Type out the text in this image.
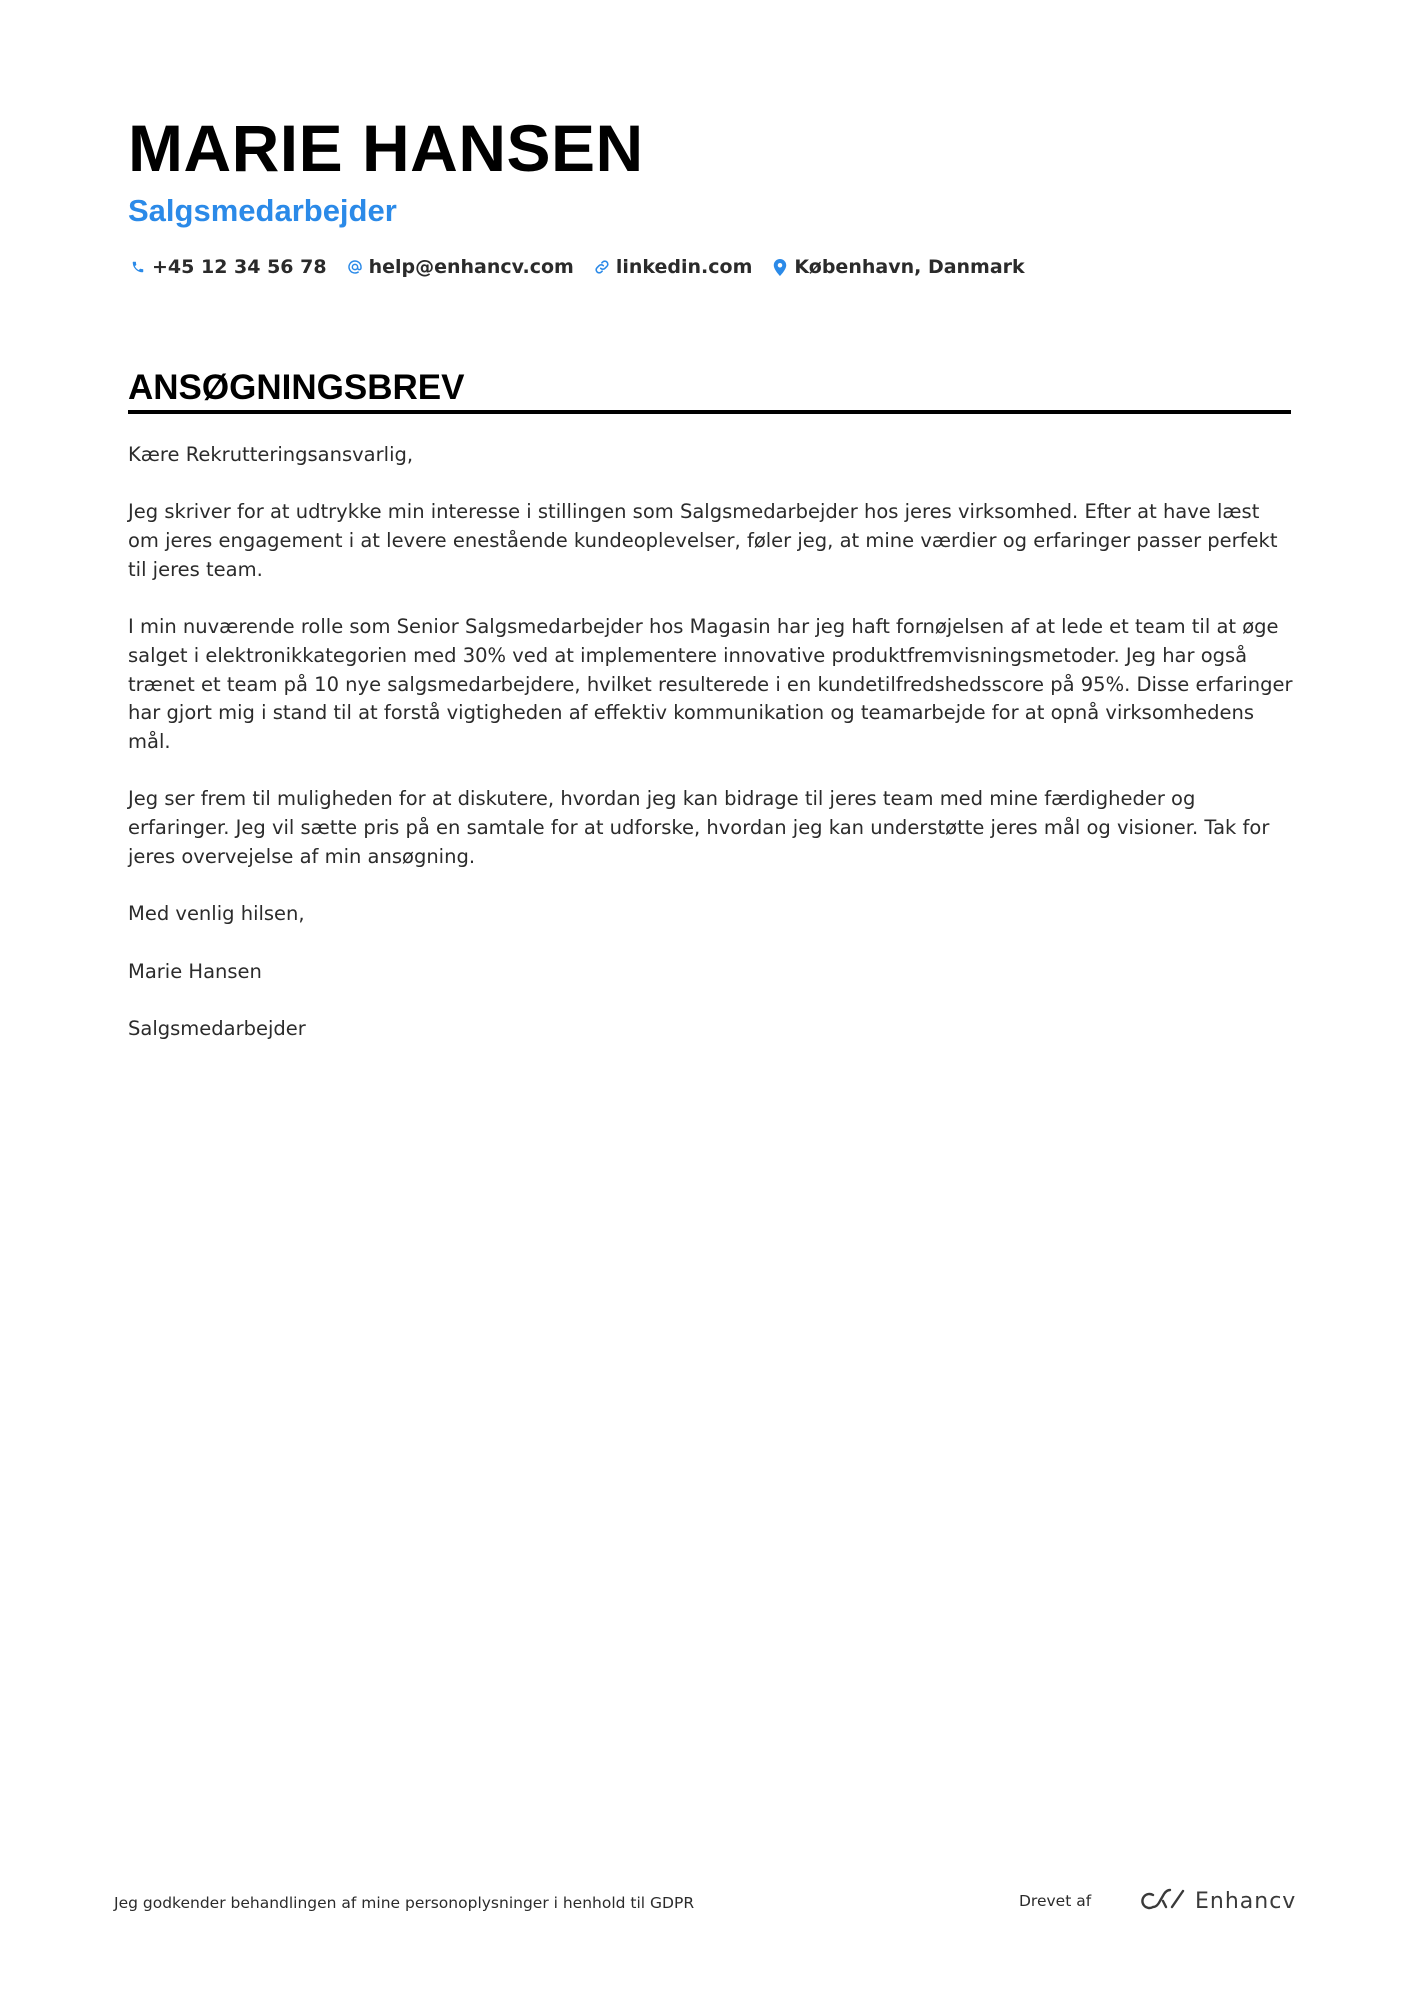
MARIE HANSEN
Salgsmedarbejder
+45 12 34 56 78 help@enhancv.com linkedin.com København, Danmark
ANSØGNINGSBREV

Kære Rekrutteringsansvarlig,

Jeg skriver for at udtrykke min interesse i stillingen som Salgsmedarbejder hos jeres virksomhed. Efter at have læst om jeres engagement i at levere enestående kundeoplevelser, føler jeg, at mine værdier og erfaringer passer perfekt til jeres team.

I min nuværende rolle som Senior Salgsmedarbejder hos Magasin har jeg haft fornøjelsen af at lede et team til at øge salget i elektronikkategorien med 30% ved at implementere innovative produktfremvisningsmetoder. Jeg har også trænet et team på 10 nye salgsmedarbejdere, hvilket resulterede i en kundetilfredshedsscore på 95%. Disse erfaringer har gjort mig i stand til at forstå vigtigheden af effektiv kommunikation og teamarbejde for at opnå virksomhedens mål.

Jeg ser frem til muligheden for at diskutere, hvordan jeg kan bidrage til jeres team med mine færdigheder og erfaringer. Jeg vil sætte pris på en samtale for at udforske, hvordan jeg kan understøtte jeres mål og visioner. Tak for jeres overvejelse af min ansøgning.

Med venlig hilsen,

Marie Hansen

Salgsmedarbejder

Jeg godkender behandlingen af mine personoplysninger i henhold til GDPR	Drevet af	Enhancv
